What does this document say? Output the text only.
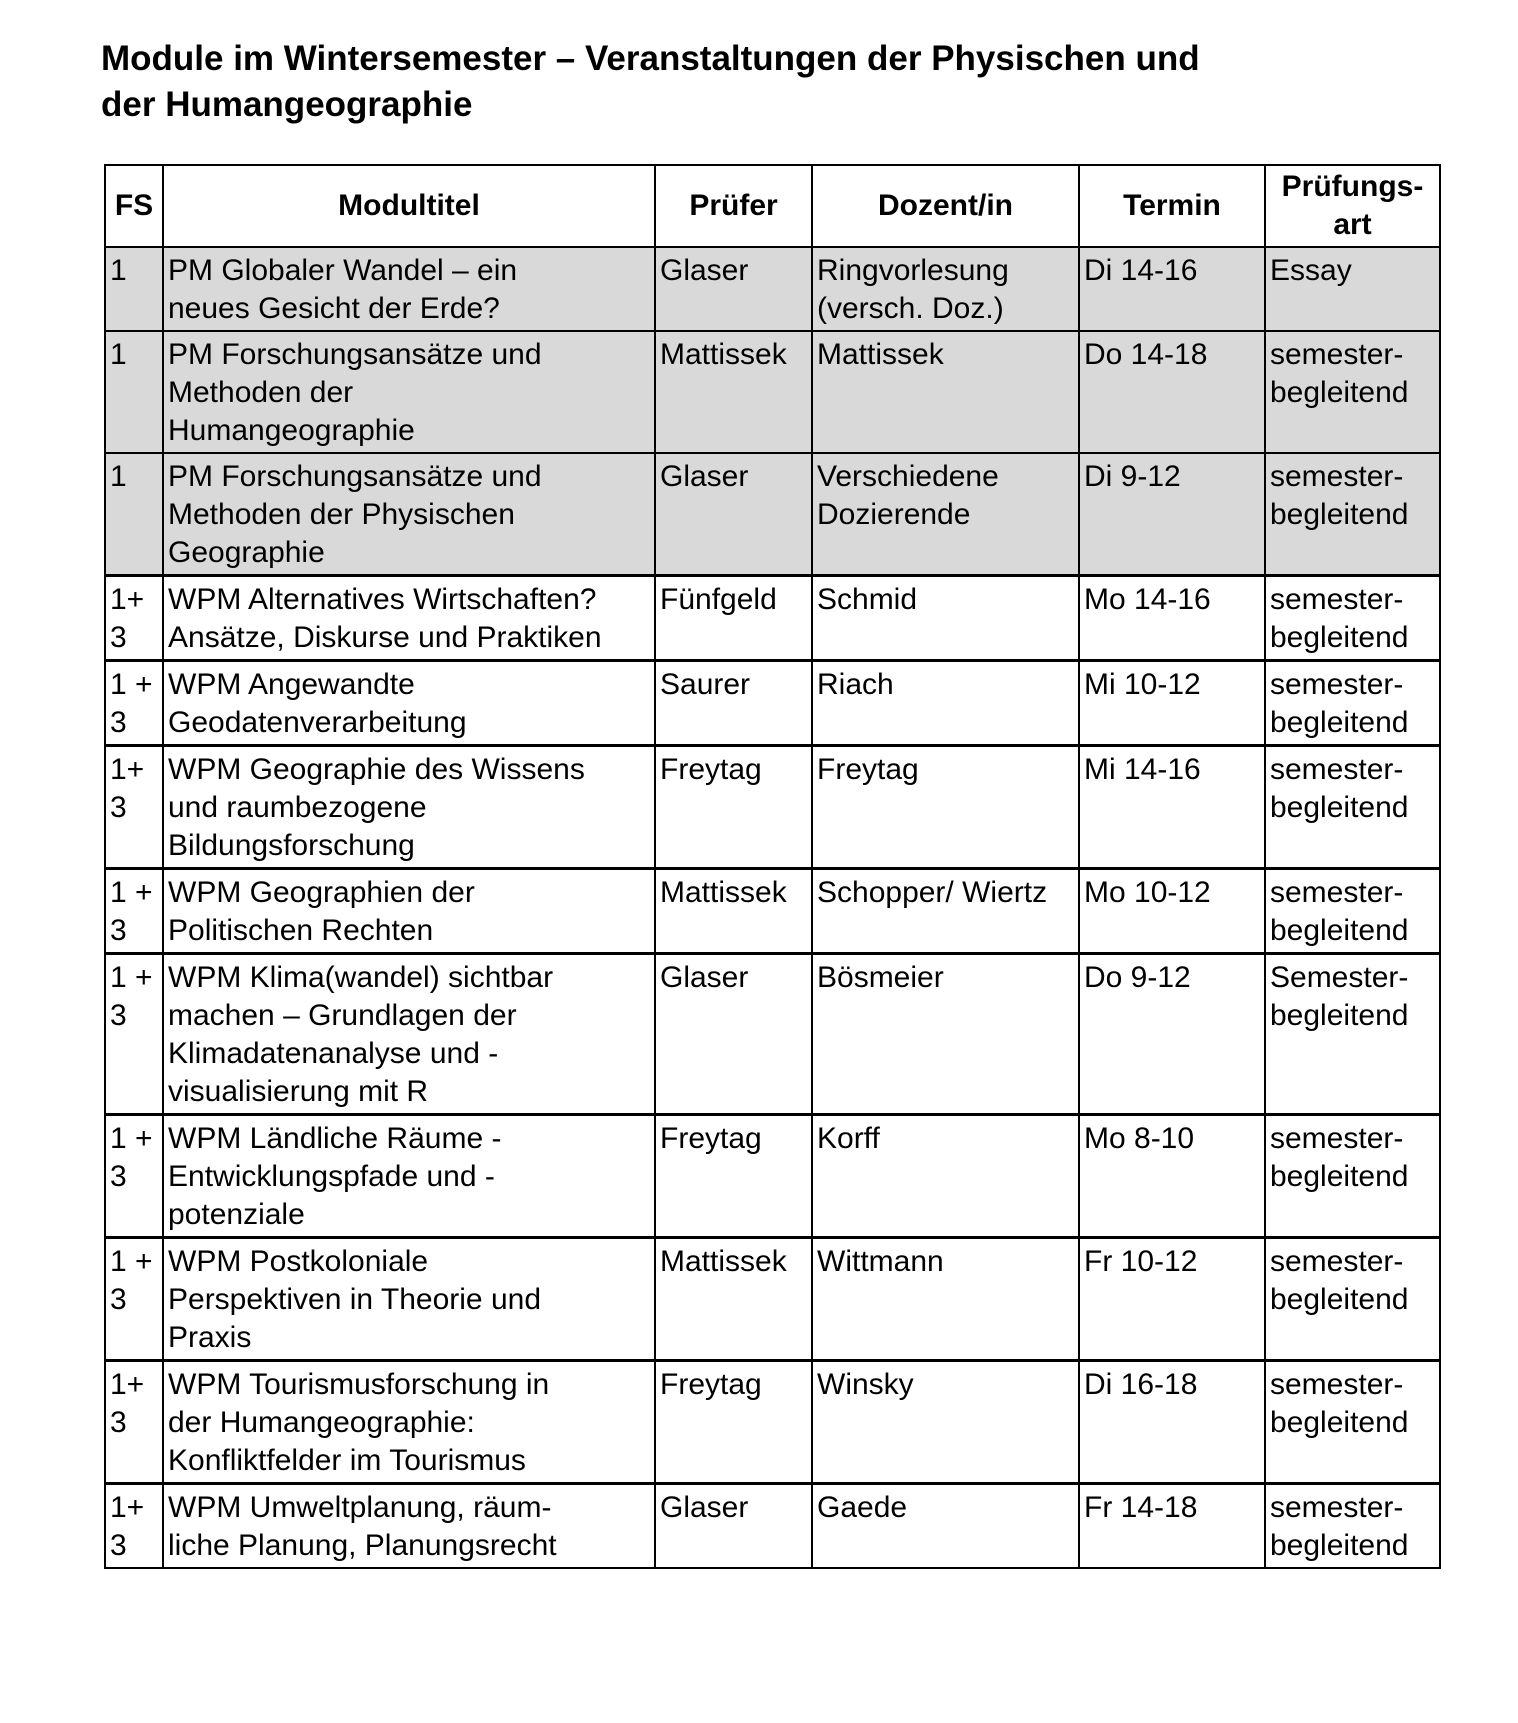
Module im Wintersemester – Veranstaltungen der Physischen und
der Humangeographie
FS	Modultitel	Prüfer	Dozent/in	Termin	Prüfungs-
art

1	PM Globaler Wandel – ein
neues Gesicht der Erde?	Glaser	Ringvorlesung
(versch. Doz.)	Di 14-16	Essay
1	PM Forschungsansätze und
Methoden der
Humangeographie	Mattissek	Mattissek	Do 14-18	semester-
begleitend
1	PM Forschungsansätze und
Methoden der Physischen
Geographie	Glaser	Verschiedene
Dozierende	Di 9-12	semester-
begleitend
1+
3	WPM Alternatives Wirtschaften?
Ansätze, Diskurse und Praktiken	Fünfgeld	Schmid	Mo 14-16	semester-
begleitend
1 +
3	WPM Angewandte
Geodatenverarbeitung	Saurer	Riach	Mi 10-12	semester-
begleitend
1+
3	WPM Geographie des Wissens
und raumbezogene
Bildungsforschung	Freytag	Freytag	Mi 14-16	semester-
begleitend
1 +
3	WPM Geographien der
Politischen Rechten	Mattissek	Schopper/ Wiertz	Mo 10-12	semester-
begleitend
1 +
3	WPM Klima(wandel) sichtbar
machen – Grundlagen der
Klimadatenanalyse und -
visualisierung mit R	Glaser	Bösmeier	Do 9-12	Semester-
begleitend
1 +
3	WPM Ländliche Räume -
Entwicklungspfade und -
potenziale	Freytag	Korff	Mo 8-10	semester-
begleitend
1 +
3	WPM Postkoloniale
Perspektiven in Theorie und
Praxis	Mattissek	Wittmann	Fr 10-12	semester-
begleitend
1+
3	WPM Tourismusforschung in
der Humangeographie:
Konfliktfelder im Tourismus	Freytag	Winsky	Di 16-18	semester-
begleitend
1+
3	WPM Umweltplanung, räum-
liche Planung, Planungsrecht	Glaser	Gaede	Fr 14-18	semester-
begleitend
